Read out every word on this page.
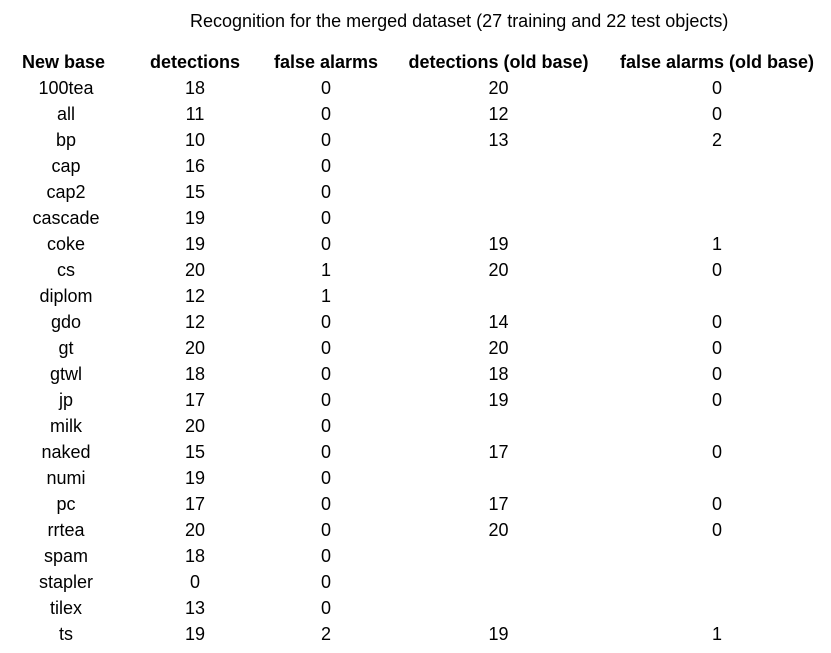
Recognition for the merged dataset (27 training and 22 test objects)
New base	detections	false alarms	detections (old base)	false alarms (old base)
100tea	18	0	20	0
all	11	0	12	0
bp	10	0	13	2
cap	16	0		
cap2	15	0		
cascade	19	0		
coke	19	0	19	1
cs	20	1	20	0
diplom	12	1		
gdo	12	0	14	0
gt	20	0	20	0
gtwl	18	0	18	0
jp	17	0	19	0
milk	20	0		
naked	15	0	17	0
numi	19	0		
pc	17	0	17	0
rrtea	20	0	20	0
spam	18	0		
stapler	0	0		
tilex	13	0		
ts	19	2	19	1
